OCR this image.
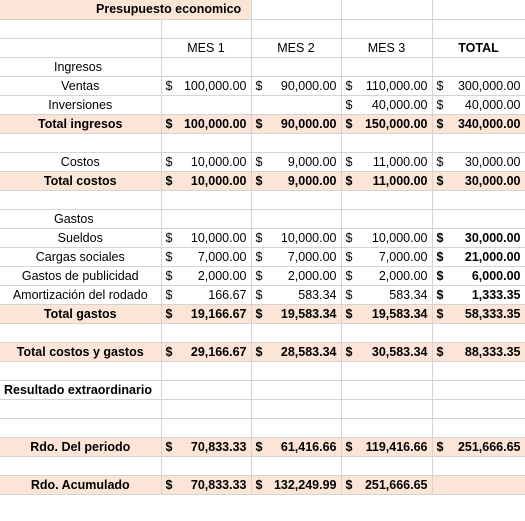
Presupuesto economico				

	MES 1	MES 2	MES 3	TOTAL
Ingresos				
Ventas	$ 100,000.00	$ 90,000.00	$ 110,000.00	$ 300,000.00

Inversiones			$ 40,000.00	$ 40,000.00

Total ingresos	$ 100,000.00	$ 90,000.00	$ 150,000.00	$ 340,000.00

Costos	$ 10,000.00	$ 9,000.00	$ 11,000.00	$ 30,000.00

Total costos	$ 10,000.00	$ 9,000.00	$ 11,000.00	$ 30,000.00

Gastos				
Sueldos	$ 10,000.00	$ 10,000.00	$ 10,000.00	$ 30,000.00

Cargas sociales	$ 7,000.00	$ 7,000.00	$ 7,000.00	$ 21,000.00

Gastos de publicidad	$ 2,000.00	$ 2,000.00	$ 2,000.00	$ 6,000.00

Amortización del rodado	$ 166.67	$ 583.34	$ 583.34	$ 1,333.35

Total gastos	$ 19,166.67	$ 19,583.34	$ 19,583.34	$ 58,333.35

Total costos y gastos	$ 29,166.67	$ 28,583.34	$ 30,583.34	$ 88,333.35

Resultado extraordinario				

Rdo. Del periodo	$ 70,833.33	$ 61,416.66	$ 119,416.66	$ 251,666.65

Rdo. Acumulado	$ 70,833.33	$ 132,249.99	$ 251,666.65	
